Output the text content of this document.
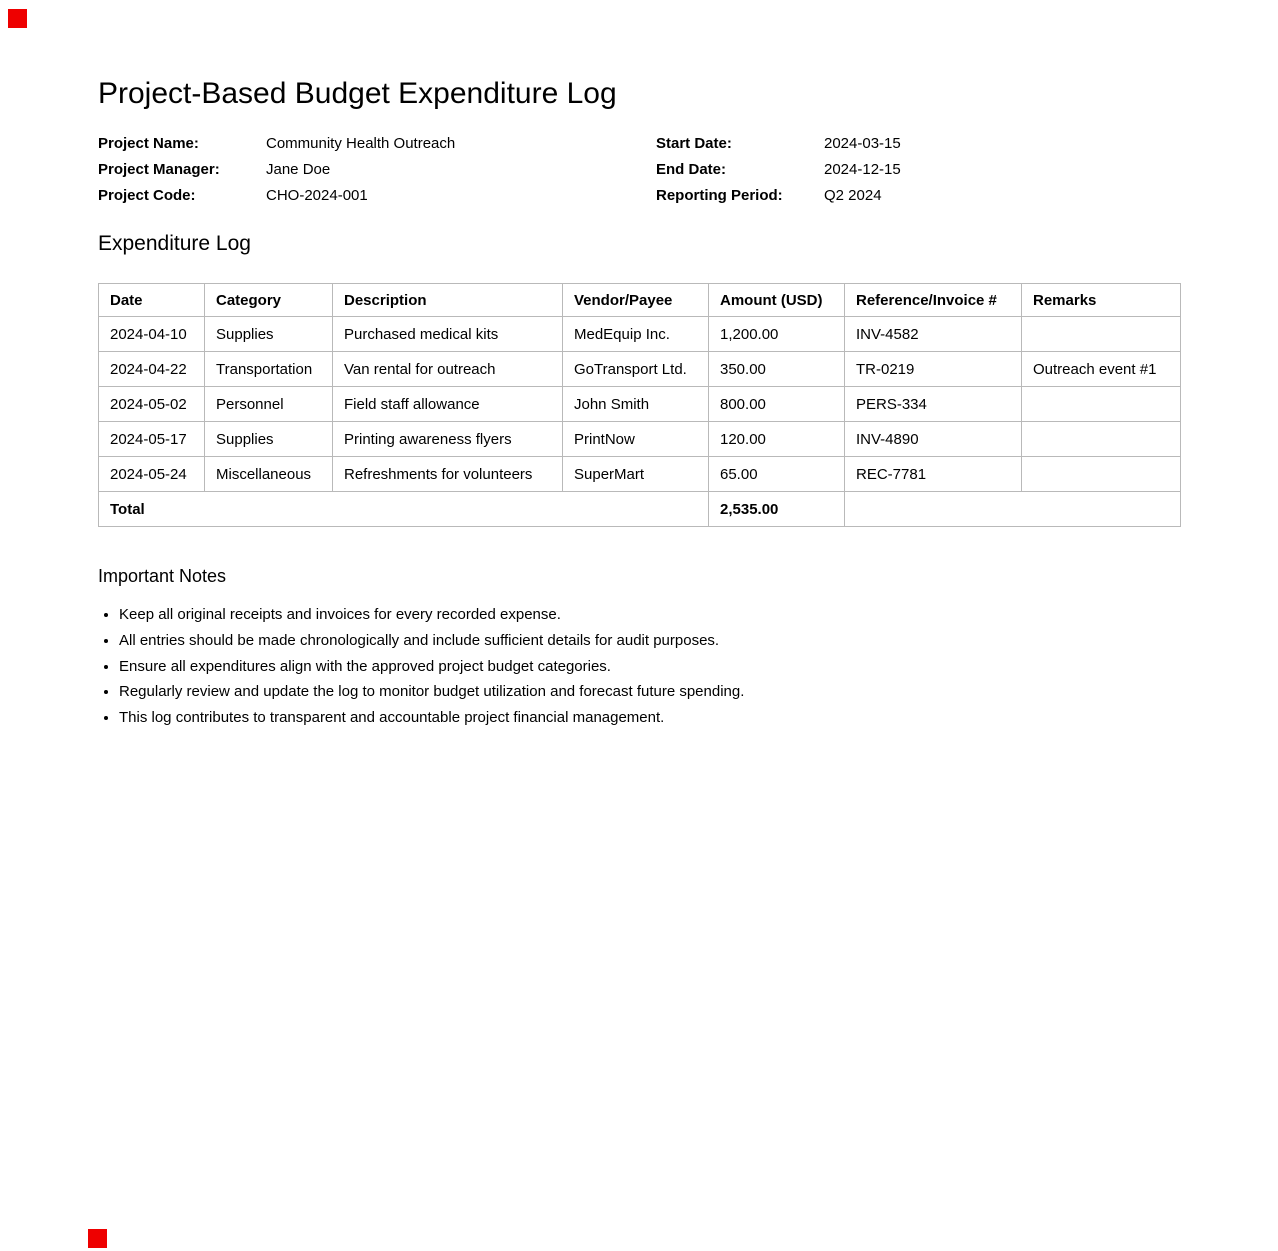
Project-Based Budget Expenditure Log
Project Name:	Community Health Outreach	Start Date:	2024-03-15
Project Manager:	Jane Doe	End Date:	2024-12-15
Project Code:	CHO-2024-001	Reporting Period:	Q2 2024
Expenditure Log
Date	Category	Description	Vendor/Payee	Amount (USD)	Reference/Invoice #	Remarks
2024-04-10	Supplies	Purchased medical kits	MedEquip Inc.	1,200.00	INV-4582	
2024-04-22	Transportation	Van rental for outreach	GoTransport Ltd.	350.00	TR-0219	Outreach event #1
2024-05-02	Personnel	Field staff allowance	John Smith	800.00	PERS-334	
2024-05-17	Supplies	Printing awareness flyers	PrintNow	120.00	INV-4890	
2024-05-24	Miscellaneous	Refreshments for volunteers	SuperMart	65.00	REC-7781	
Total				2,535.00		
Important Notes
• Keep all original receipts and invoices for every recorded expense.
• All entries should be made chronologically and include sufficient details for audit purposes.
• Ensure all expenditures align with the approved project budget categories.
• Regularly review and update the log to monitor budget utilization and forecast future spending.
• This log contributes to transparent and accountable project financial management.
